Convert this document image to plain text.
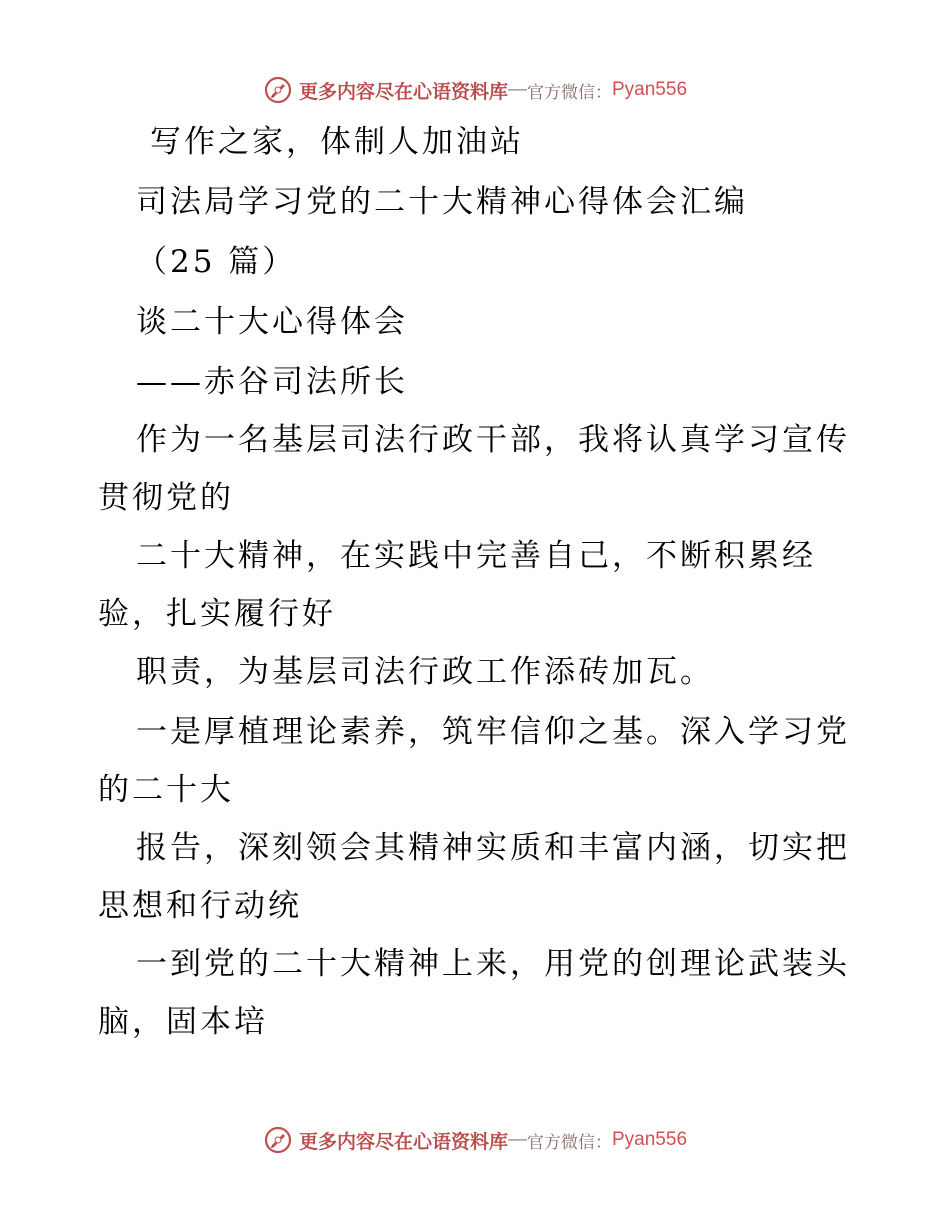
更多内容尽在心语资料库 — 官方微信： Pyan556
写作之家，体制人加油站
司法局学习党的二十大精神心得体会汇编
（25 篇）
谈二十大心得体会
——赤谷司法所长
作为一名基层司法行政干部，我将认真学习宣传
贯彻党的
二十大精神，在实践中完善自己，不断积累经
验，扎实履行好
职责，为基层司法行政工作添砖加瓦。
一是厚植理论素养，筑牢信仰之基。深入学习党
的二十大
报告，深刻领会其精神实质和丰富内涵，切实把
思想和行动统
一到党的二十大精神上来，用党的创理论武装头
脑，固本培
更多内容尽在心语资料库 — 官方微信： Pyan556
